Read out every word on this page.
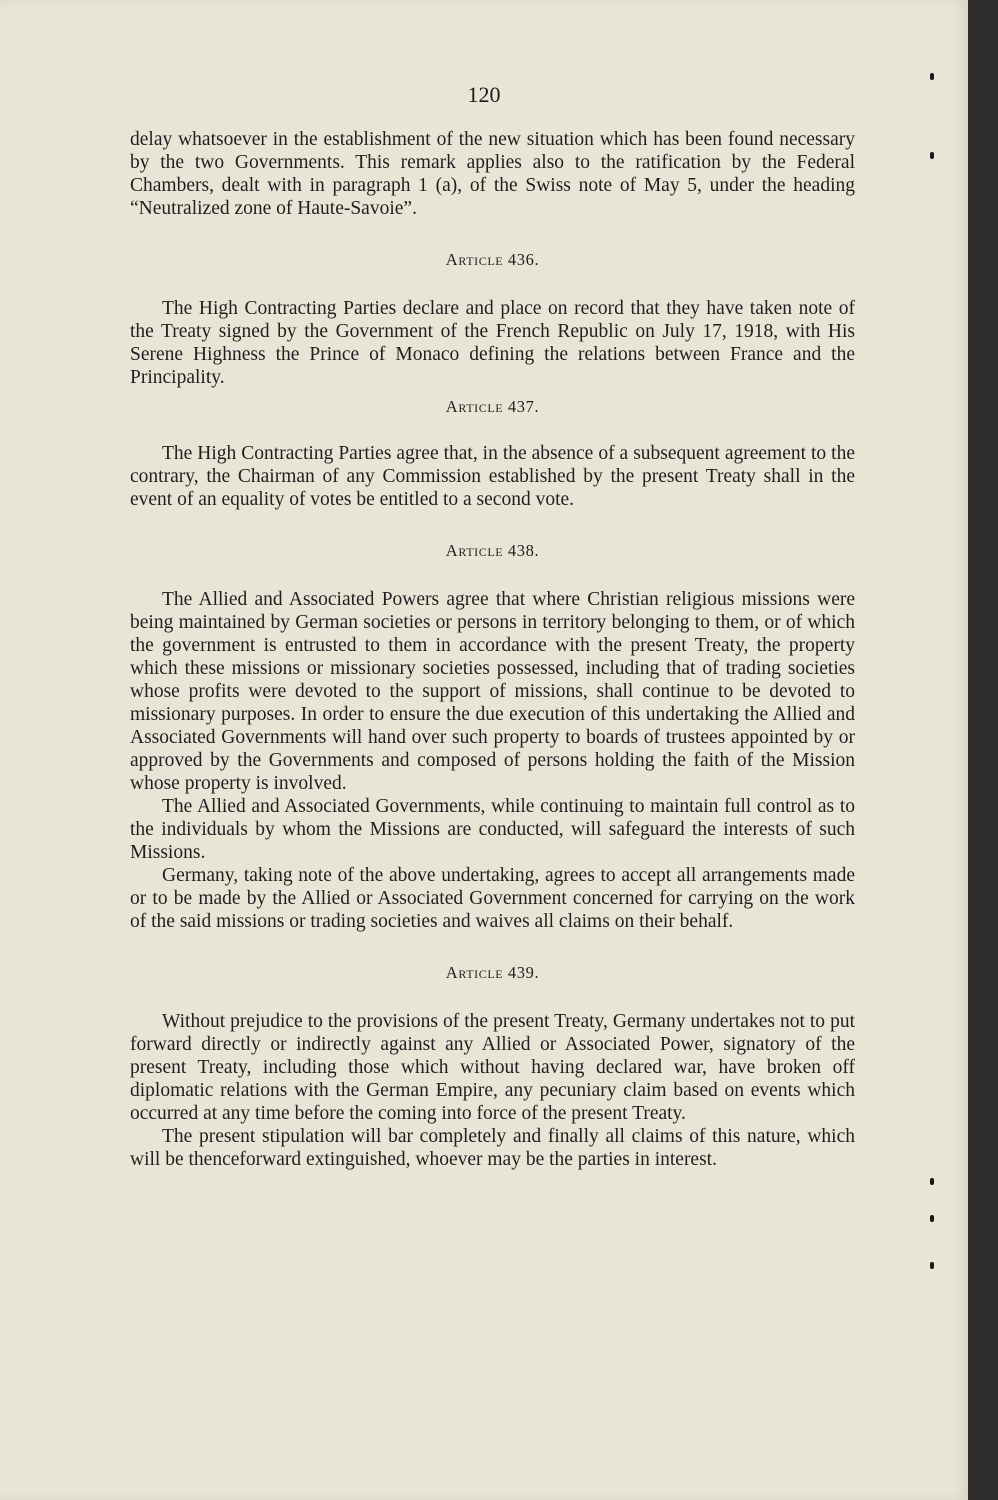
120

delay whatsoever in the establishment of the new situation which has been found necessary by the two Governments. This remark applies also to the ratification by the Federal Chambers, dealt with in paragraph 1 (a), of the Swiss note of May 5, under the heading “Neutralized zone of Haute-Savoie”.

Article 436.

The High Contracting Parties declare and place on record that they have taken note of the Treaty signed by the Government of the French Republic on July 17, 1918, with His Serene Highness the Prince of Monaco defining the relations between France and the Principality.

Article 437.

The High Contracting Parties agree that, in the absence of a subsequent agreement to the contrary, the Chairman of any Commission established by the present Treaty shall in the event of an equality of votes be entitled to a second vote.

Article 438.

The Allied and Associated Powers agree that where Christian religious missions were being maintained by German societies or persons in territory belonging to them, or of which the government is entrusted to them in accordance with the present Treaty, the property which these missions or missionary societies possessed, including that of trading societies whose profits were devoted to the support of missions, shall continue to be devoted to missionary purposes. In order to ensure the due execution of this undertaking the Allied and Associated Governments will hand over such property to boards of trustees appointed by or approved by the Governments and composed of persons holding the faith of the Mission whose property is involved.

The Allied and Associated Governments, while continuing to maintain full control as to the individuals by whom the Missions are conducted, will safeguard the interests of such Missions.

Germany, taking note of the above undertaking, agrees to accept all arrangements made or to be made by the Allied or Associated Government concerned for carrying on the work of the said missions or trading societies and waives all claims on their behalf.

Article 439.

Without prejudice to the provisions of the present Treaty, Germany undertakes not to put forward directly or indirectly against any Allied or Associated Power, signatory of the present Treaty, including those which without having declared war, have broken off diplomatic relations with the German Empire, any pecuniary claim based on events which occurred at any time before the coming into force of the present Treaty.

The present stipulation will bar completely and finally all claims of this nature, which will be thenceforward extinguished, whoever may be the parties in interest.
